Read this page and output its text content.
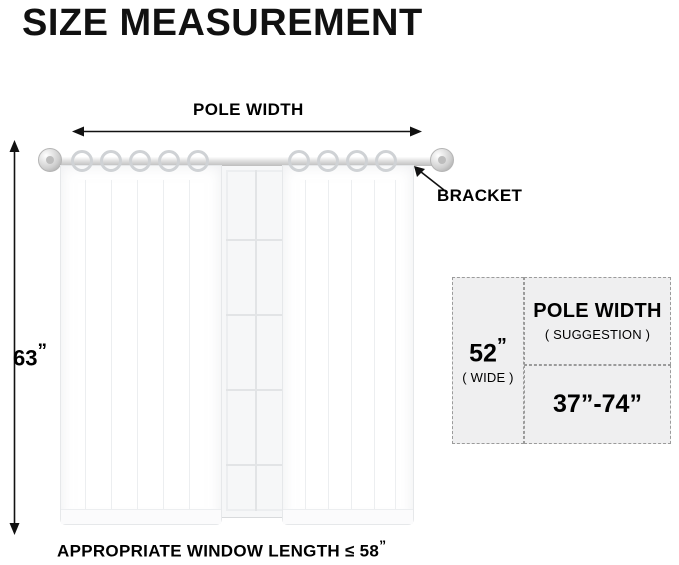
SIZE MEASUREMENT
POLE WIDTH
63”
BRACKET
APPROPRIATE WINDOW LENGTH ≤ 58”
52”
( WIDE )
POLE WIDTH
( SUGGESTION )
37”-74”
